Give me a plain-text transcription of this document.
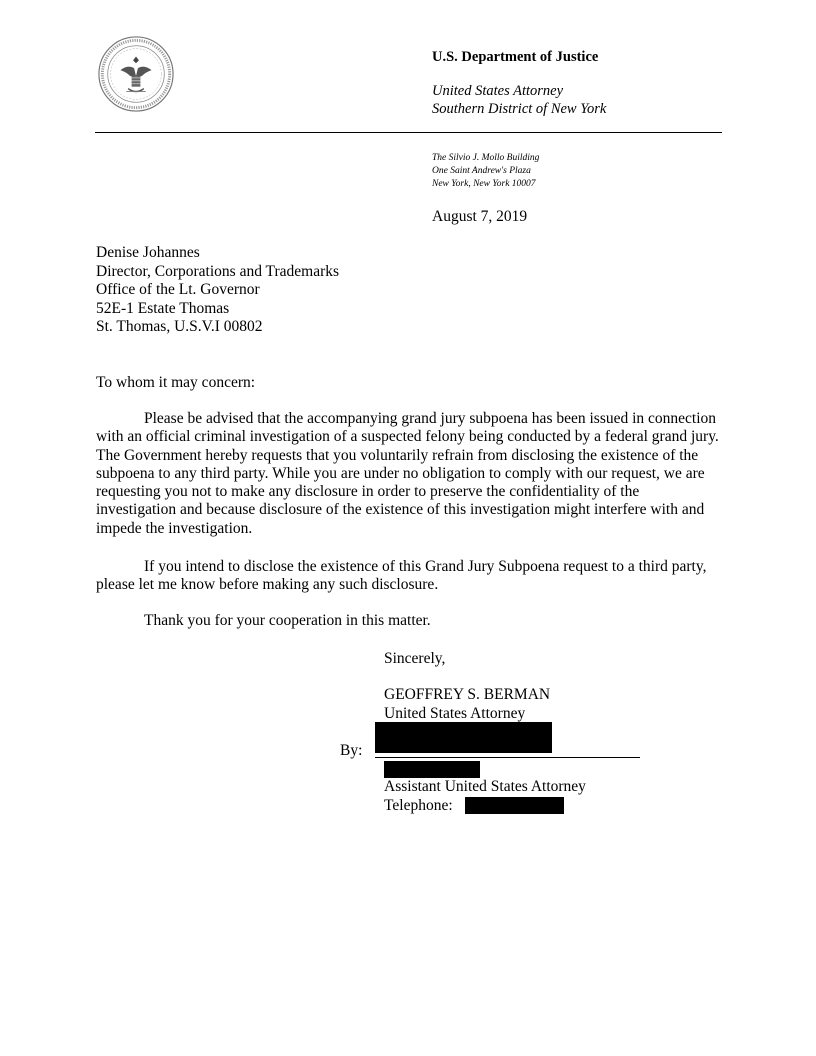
U.S. Department of Justice
United States Attorney
Southern District of New York
The Silvio J. Mollo Building
One Saint Andrew's Plaza
New York, New York 10007
August 7, 2019
Denise Johannes
Director, Corporations and Trademarks
Office of the Lt. Governor
52E-1 Estate Thomas
St. Thomas, U.S.V.I 00802
To whom it may concern:
Please be advised that the accompanying grand jury subpoena has been issued in connection with an official criminal investigation of a suspected felony being conducted by a federal grand jury. The Government hereby requests that you voluntarily refrain from disclosing the existence of the subpoena to any third party. While you are under no obligation to comply with our request, we are requesting you not to make any disclosure in order to preserve the confidentiality of the investigation and because disclosure of the existence of this investigation might interfere with and impede the investigation.
If you intend to disclose the existence of this Grand Jury Subpoena request to a third party, please let me know before making any such disclosure.
Thank you for your cooperation in this matter.
Sincerely,
GEOFFREY S. BERMAN
United States Attorney
By:
Assistant United States Attorney
Telephone:
